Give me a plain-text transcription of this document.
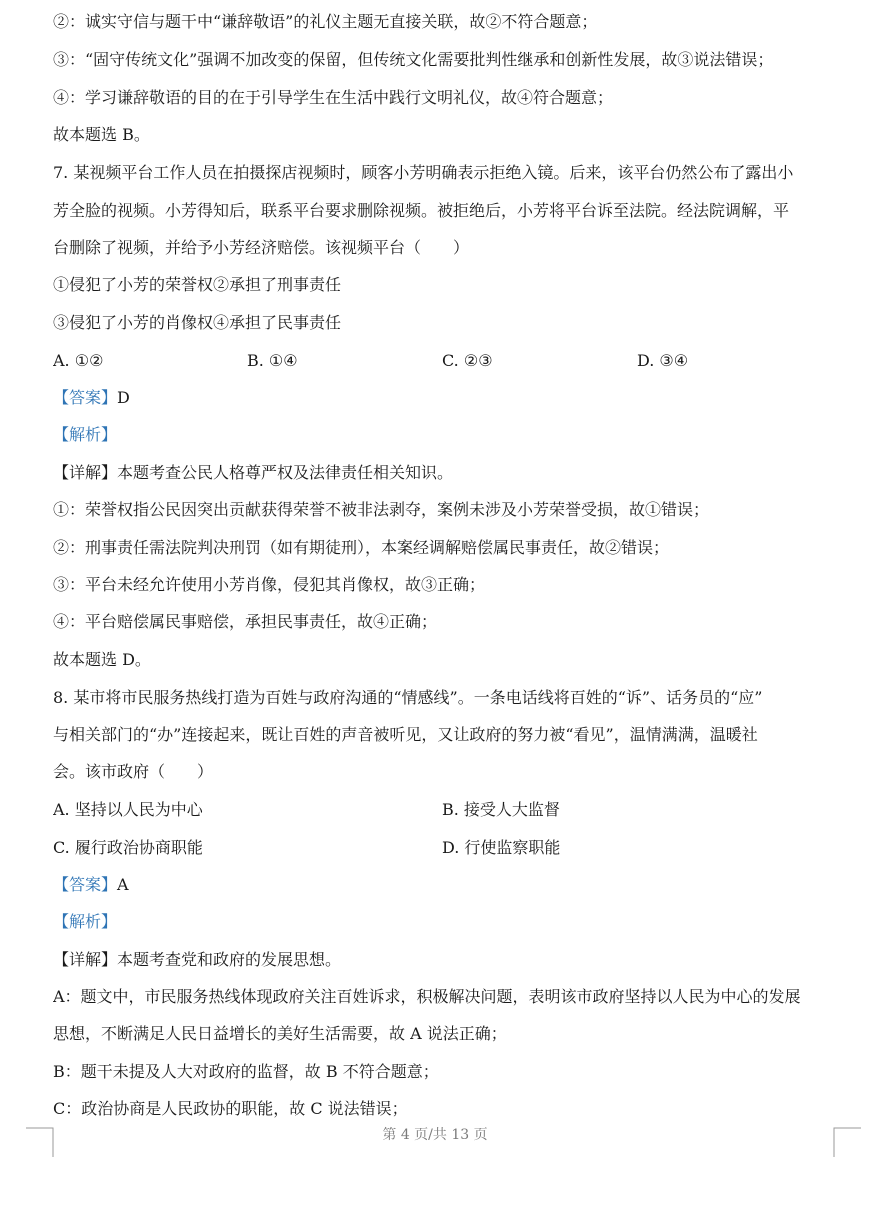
②：诚实守信与题干中“谦辞敬语”的礼仪主题无直接关联，故②不符合题意；
③：“固守传统文化”强调不加改变的保留，但传统文化需要批判性继承和创新性发展，故③说法错误；
④：学习谦辞敬语的目的在于引导学生在生活中践行文明礼仪，故④符合题意；
故本题选 B。
7. 某视频平台工作人员在拍摄探店视频时，顾客小芳明确表示拒绝入镜。后来，该平台仍然公布了露出小
芳全脸的视频。小芳得知后，联系平台要求删除视频。被拒绝后，小芳将平台诉至法院。经法院调解，平
台删除了视频，并给予小芳经济赔偿。该视频平台（　　）
①侵犯了小芳的荣誉权②承担了刑事责任
③侵犯了小芳的肖像权④承担了民事责任
A. ①②	B. ①④	C. ②③	D. ③④
【答案】D
【解析】
【详解】本题考查公民人格尊严权及法律责任相关知识。
①：荣誉权指公民因突出贡献获得荣誉不被非法剥夺，案例未涉及小芳荣誉受损，故①错误；
②：刑事责任需法院判决刑罚（如有期徒刑），本案经调解赔偿属民事责任，故②错误；
③：平台未经允许使用小芳肖像，侵犯其肖像权，故③正确；
④：平台赔偿属民事赔偿，承担民事责任，故④正确；
故本题选 D。
8. 某市将市民服务热线打造为百姓与政府沟通的“情感线”。一条电话线将百姓的“诉”、话务员的“应”
与相关部门的“办”连接起来，既让百姓的声音被听见，又让政府的努力被“看见”，温情满满，温暖社
会。该市政府（　　）
A. 坚持以人民为中心	B. 接受人大监督
C. 履行政治协商职能	D. 行使监察职能
【答案】A
【解析】
【详解】本题考查党和政府的发展思想。
A：题文中，市民服务热线体现政府关注百姓诉求，积极解决问题，表明该市政府坚持以人民为中心的发展
思想，不断满足人民日益增长的美好生活需要，故 A 说法正确；
B：题干未提及人大对政府的监督，故 B 不符合题意；
C：政治协商是人民政协的职能，故 C 说法错误；
第 4 页/共 13 页
